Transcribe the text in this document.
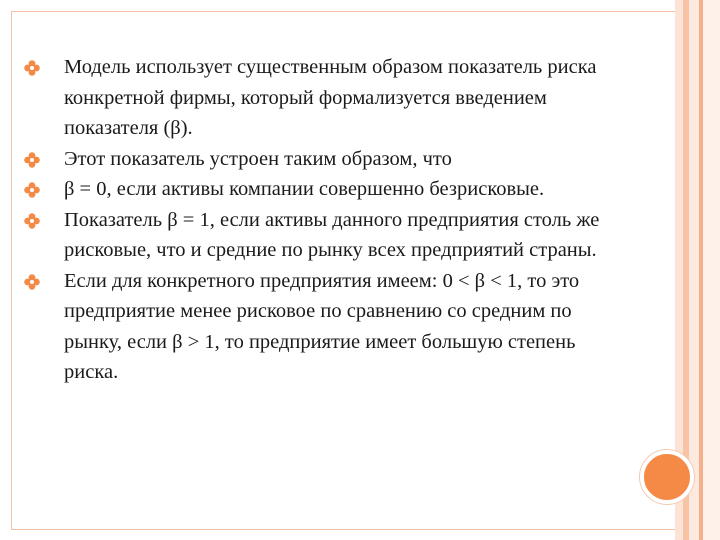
Модель использует существенным образом показатель риска конкретной фирмы, который формализуется введением показателя (β).
Этот показатель устроен таким образом, что
β = 0, если активы компании совершенно безрисковые.
Показатель β = 1, если активы данного предприятия столь же рисковые, что и средние по рынку всех предприятий страны.
Если для конкретного предприятия имеем: 0 < β < 1, то это предприятие менее рисковое по сравнению со средним по рынку, если β > 1, то предприятие имеет большую степень риска.
